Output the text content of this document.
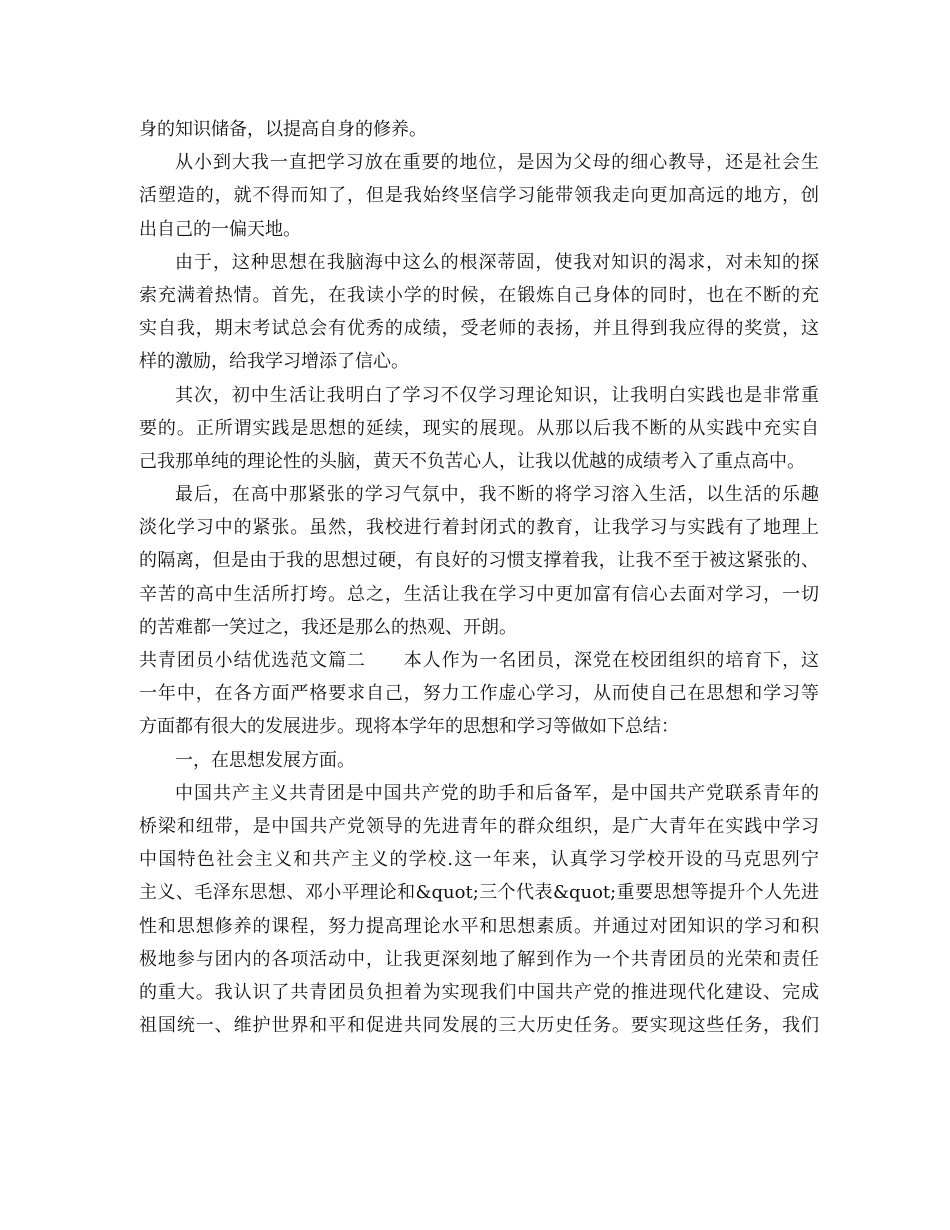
身的知识储备，以提高自身的修养。
从小到大我一直把学习放在重要的地位，是因为父母的细心教导，还是社会生
活塑造的，就不得而知了，但是我始终坚信学习能带领我走向更加高远的地方，创
出自己的一偏天地。
由于，这种思想在我脑海中这么的根深蒂固，使我对知识的渴求，对未知的探
索充满着热情。首先，在我读小学的时候，在锻炼自己身体的同时，也在不断的充
实自我，期末考试总会有优秀的成绩，受老师的表扬，并且得到我应得的奖赏，这
样的激励，给我学习增添了信心。
其次，初中生活让我明白了学习不仅学习理论知识，让我明白实践也是非常重
要的。正所谓实践是思想的延续，现实的展现。从那以后我不断的从实践中充实自
己我那单纯的理论性的头脑，黄天不负苦心人，让我以优越的成绩考入了重点高中。
最后，在高中那紧张的学习气氛中，我不断的将学习溶入生活，以生活的乐趣
淡化学习中的紧张。虽然，我校进行着封闭式的教育，让我学习与实践有了地理上
的隔离，但是由于我的思想过硬，有良好的习惯支撑着我，让我不至于被这紧张的、
辛苦的高中生活所打垮。总之，生活让我在学习中更加富有信心去面对学习，一切
的苦难都一笑过之，我还是那么的热观、开朗。
共青团员小结优选范文篇二　　本人作为一名团员，深党在校团组织的培育下，这
一年中，在各方面严格要求自己，努力工作虚心学习，从而使自己在思想和学习等
方面都有很大的发展进步。现将本学年的思想和学习等做如下总结：
一，在思想发展方面。
中国共产主义共青团是中国共产党的助手和后备军，是中国共产党联系青年的
桥梁和纽带，是中国共产党领导的先进青年的群众组织，是广大青年在实践中学习
中国特色社会主义和共产主义的学校.这一年来，认真学习学校开设的马克思列宁
主义、毛泽东思想、邓小平理论和&quot;三个代表&quot;重要思想等提升个人先进
性和思想修养的课程，努力提高理论水平和思想素质。并通过对团知识的学习和积
极地参与团内的各项活动中，让我更深刻地了解到作为一个共青团员的光荣和责任
的重大。我认识了共青团员负担着为实现我们中国共产党的推进现代化建设、完成
祖国统一、维护世界和平和促进共同发展的三大历史任务。要实现这些任务，我们
